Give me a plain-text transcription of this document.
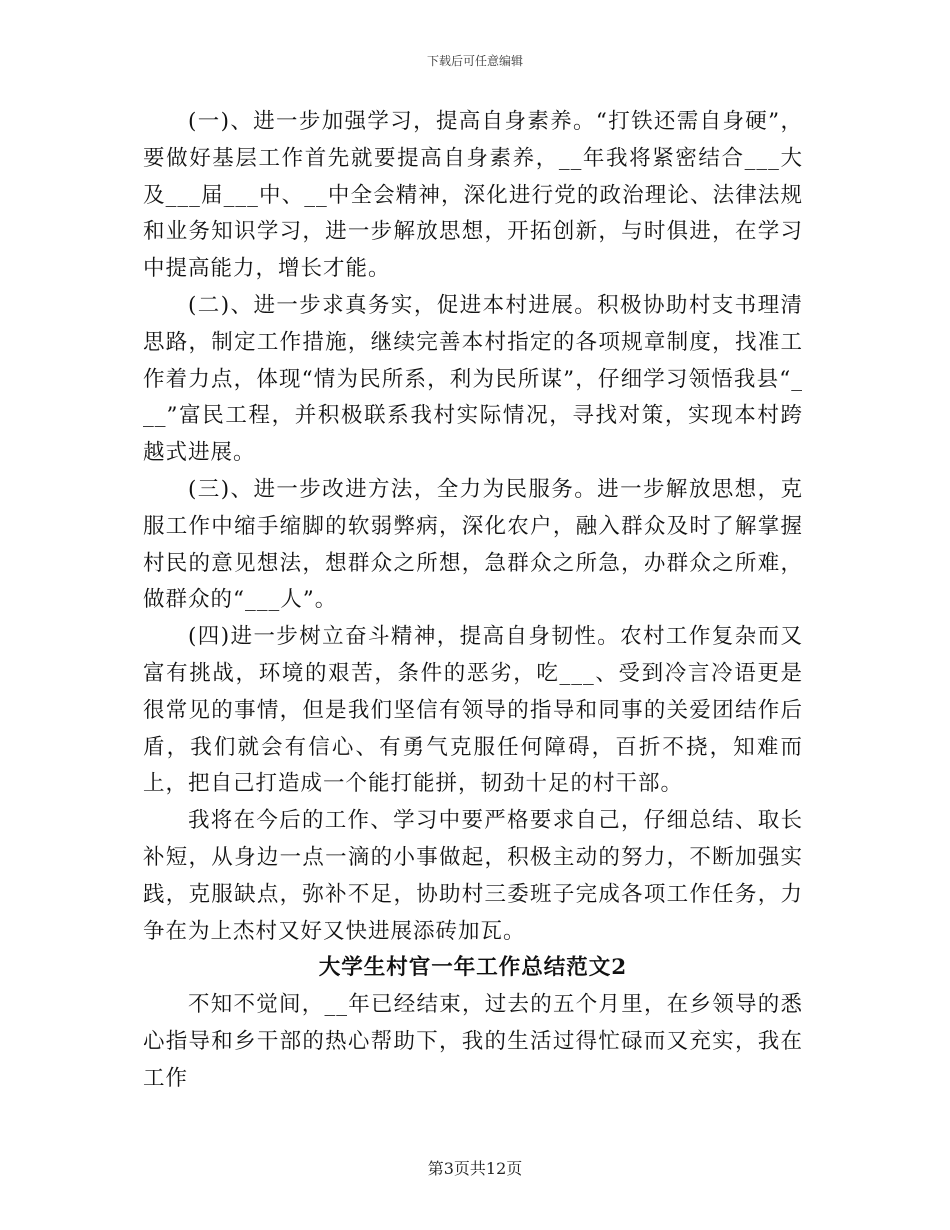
下载后可任意编辑

(一)、进一步加强学习，提高自身素养。“打铁还需自身硬”，要做好基层工作首先就要提高自身素养，__年我将紧密结合___大及___届___中、__中全会精神，深化进行党的政治理论、法律法规和业务知识学习，进一步解放思想，开拓创新，与时俱进，在学习中提高能力，增长才能。

(二)、进一步求真务实，促进本村进展。积极协助村支书理清思路，制定工作措施，继续完善本村指定的各项规章制度，找准工作着力点，体现“情为民所系，利为民所谋”，仔细学习领悟我县“___”富民工程，并积极联系我村实际情况，寻找对策，实现本村跨越式进展。

(三)、进一步改进方法，全力为民服务。进一步解放思想，克服工作中缩手缩脚的软弱弊病，深化农户，融入群众及时了解掌握村民的意见想法，想群众之所想，急群众之所急，办群众之所难，做群众的“___人”。

(四)进一步树立奋斗精神，提高自身韧性。农村工作复杂而又富有挑战，环境的艰苦，条件的恶劣，吃___、受到冷言冷语更是很常见的事情，但是我们坚信有领导的指导和同事的关爱团结作后盾，我们就会有信心、有勇气克服任何障碍，百折不挠，知难而上，把自己打造成一个能打能拼，韧劲十足的村干部。

我将在今后的工作、学习中要严格要求自己，仔细总结、取长补短，从身边一点一滴的小事做起，积极主动的努力，不断加强实践，克服缺点，弥补不足，协助村三委班子完成各项工作任务，力争在为上杰村又好又快进展添砖加瓦。

大学生村官一年工作总结范文2

不知不觉间，__年已经结束，过去的五个月里，在乡领导的悉心指导和乡干部的热心帮助下，我的生活过得忙碌而又充实，我在工作

第3页共12页
